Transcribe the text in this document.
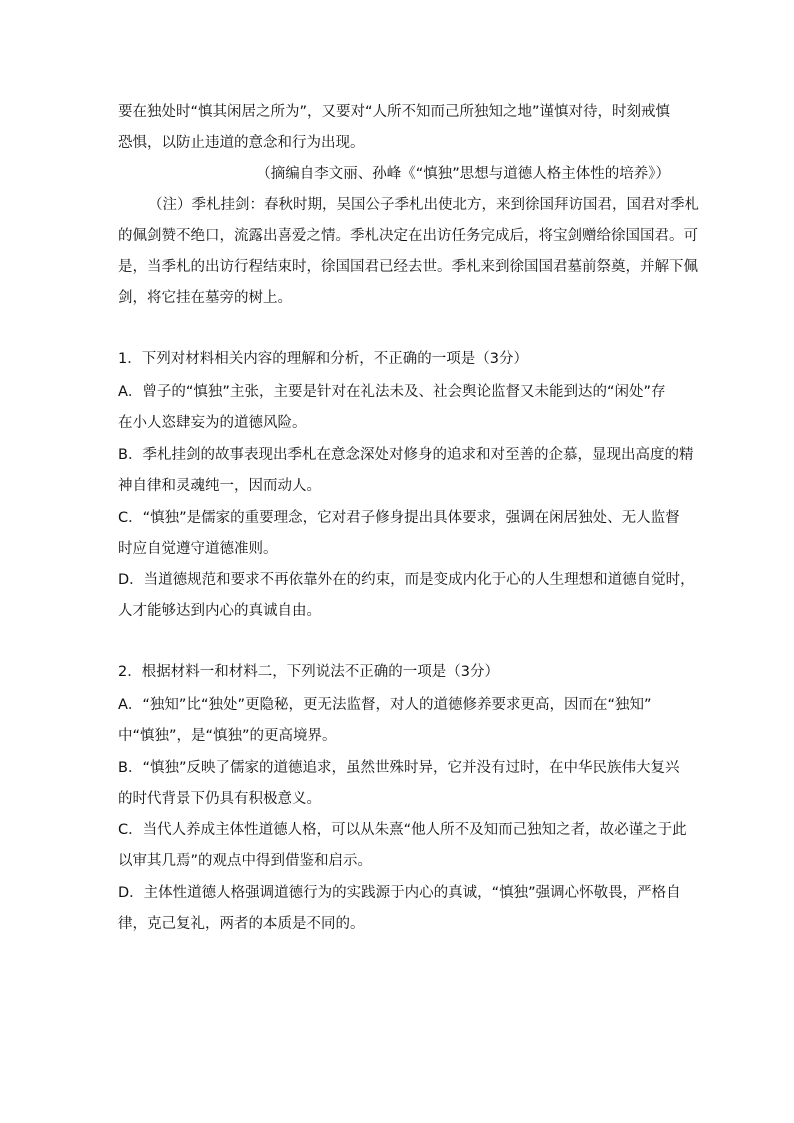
要在独处时“慎其闲居之所为”，又要对“人所不知而己所独知之地”谨慎对待，时刻戒慎
恐惧，以防止违道的意念和行为出现。
（摘编自李文丽、孙峰《“慎独”思想与道德人格主体性的培养》）
（注）季札挂剑：春秋时期，吴国公子季札出使北方，来到徐国拜访国君，国君对季札
的佩剑赞不绝口，流露出喜爱之情。季札决定在出访任务完成后，将宝剑赠给徐国国君。可
是，当季札的出访行程结束时，徐国国君已经去世。季札来到徐国国君墓前祭奠，并解下佩
剑，将它挂在墓旁的树上。
1．下列对材料相关内容的理解和分析，不正确的一项是（3分）
A．曾子的“慎独”主张，主要是针对在礼法未及、社会舆论监督又未能到达的“闲处”存
在小人恣肆妄为的道德风险。
B．季札挂剑的故事表现出季札在意念深处对修身的追求和对至善的企慕，显现出高度的精
神自律和灵魂纯一，因而动人。
C．“慎独”是儒家的重要理念，它对君子修身提出具体要求，强调在闲居独处、无人监督
时应自觉遵守道德准则。
D．当道德规范和要求不再依靠外在的约束，而是变成内化于心的人生理想和道德自觉时，
人才能够达到内心的真诚自由。
2．根据材料一和材料二，下列说法不正确的一项是（3分）
A．“独知”比“独处”更隐秘，更无法监督，对人的道德修养要求更高，因而在“独知”
中“慎独”，是“慎独”的更高境界。
B．“慎独”反映了儒家的道德追求，虽然世殊时异，它并没有过时，在中华民族伟大复兴
的时代背景下仍具有积极意义。
C．当代人养成主体性道德人格，可以从朱熹“他人所不及知而己独知之者，故必谨之于此
以审其几焉”的观点中得到借鉴和启示。
D．主体性道德人格强调道德行为的实践源于内心的真诚，“慎独”强调心怀敬畏，严格自
律，克己复礼，两者的本质是不同的。
